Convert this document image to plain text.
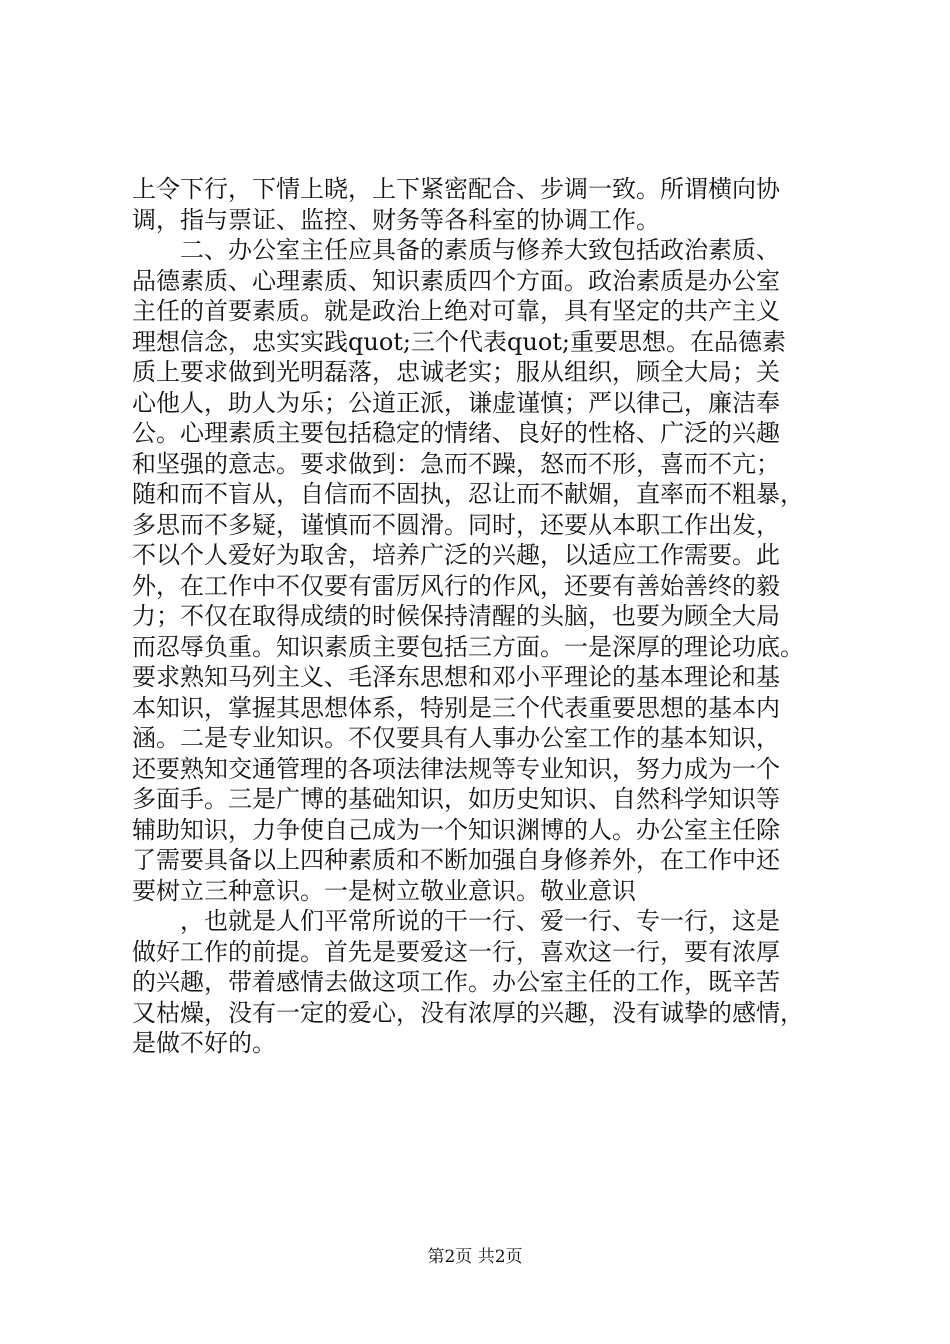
上令下行，下情上晓，上下紧密配合、步调一致。所谓横向协
调，指与票证、监控、财务等各科室的协调工作。
　　二、办公室主任应具备的素质与修养大致包括政治素质、
品德素质、心理素质、知识素质四个方面。政治素质是办公室
主任的首要素质。就是政治上绝对可靠，具有坚定的共产主义
理想信念，忠实实践quot;三个代表quot;重要思想。在品德素
质上要求做到光明磊落，忠诚老实；服从组织，顾全大局；关
心他人，助人为乐；公道正派，谦虚谨慎；严以律己，廉洁奉
公。心理素质主要包括稳定的情绪、良好的性格、广泛的兴趣
和坚强的意志。要求做到：急而不躁，怒而不形，喜而不亢；
随和而不盲从，自信而不固执，忍让而不献媚，直率而不粗暴，
多思而不多疑，谨慎而不圆滑。同时，还要从本职工作出发，
不以个人爱好为取舍，培养广泛的兴趣，以适应工作需要。此
外，在工作中不仅要有雷厉风行的作风，还要有善始善终的毅
力；不仅在取得成绩的时候保持清醒的头脑，也要为顾全大局
而忍辱负重。知识素质主要包括三方面。一是深厚的理论功底。
要求熟知马列主义、毛泽东思想和邓小平理论的基本理论和基
本知识，掌握其思想体系，特别是三个代表重要思想的基本内
涵。二是专业知识。不仅要具有人事办公室工作的基本知识，
还要熟知交通管理的各项法律法规等专业知识，努力成为一个
多面手。三是广博的基础知识，如历史知识、自然科学知识等
辅助知识，力争使自己成为一个知识渊博的人。办公室主任除
了需要具备以上四种素质和不断加强自身修养外，在工作中还
要树立三种意识。一是树立敬业意识。敬业意识
　　，也就是人们平常所说的干一行、爱一行、专一行，这是
做好工作的前提。首先是要爱这一行，喜欢这一行，要有浓厚
的兴趣，带着感情去做这项工作。办公室主任的工作，既辛苦
又枯燥，没有一定的爱心，没有浓厚的兴趣，没有诚挚的感情，
是做不好的。
第2页 共2页
